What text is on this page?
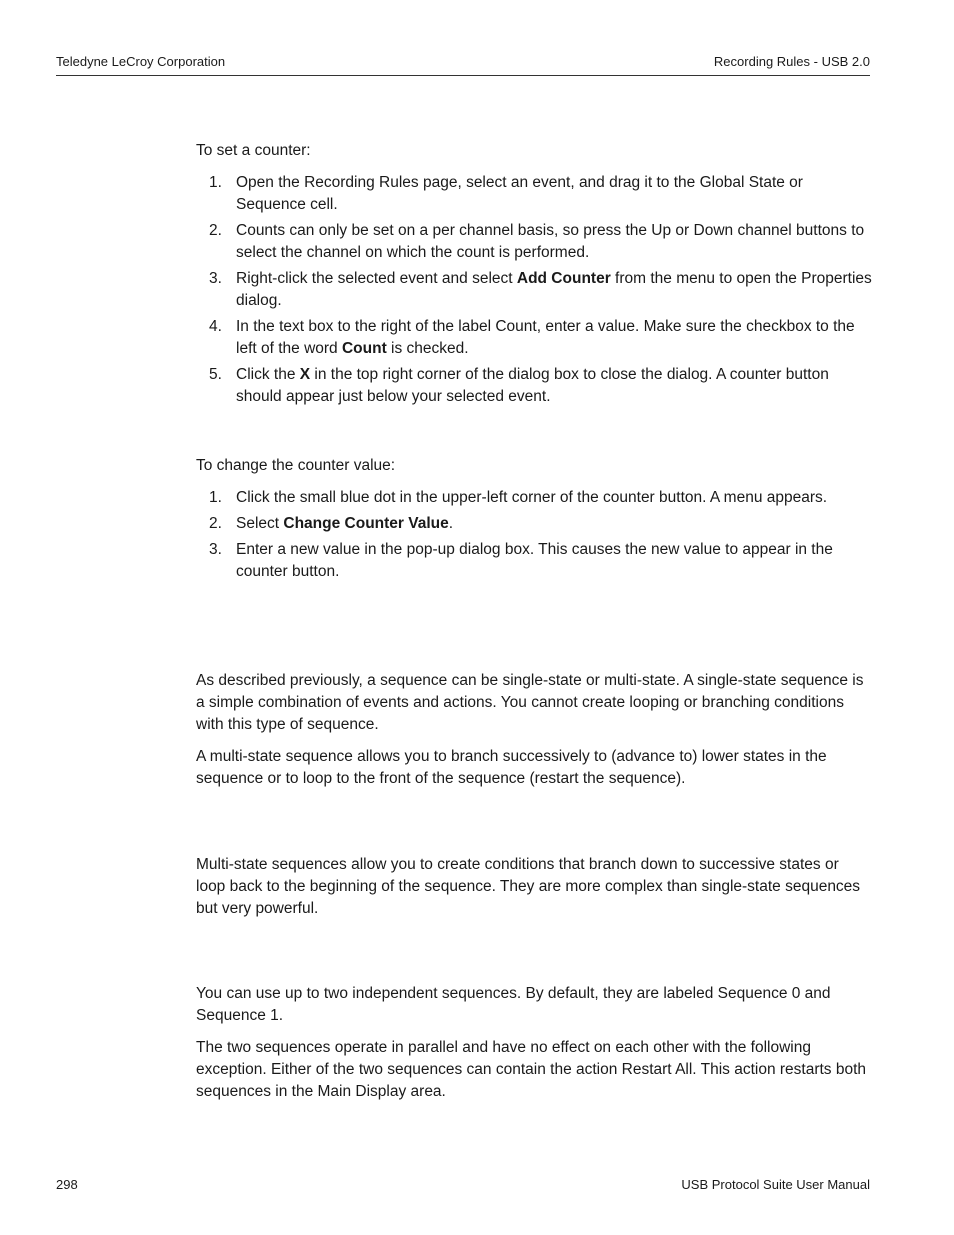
Teledyne LeCroy Corporation	Recording Rules - USB 2.0

To set a counter:

1. Open the Recording Rules page, select an event, and drag it to the Global State or Sequence cell.
2. Counts can only be set on a per channel basis, so press the Up or Down channel buttons to select the channel on which the count is performed.
3. Right-click the selected event and select Add Counter from the menu to open the Properties dialog.
4. In the text box to the right of the label Count, enter a value. Make sure the checkbox to the left of the word Count is checked.
5. Click the X in the top right corner of the dialog box to close the dialog. A counter button should appear just below your selected event.

To change the counter value:

1. Click the small blue dot in the upper-left corner of the counter button. A menu appears.
2. Select Change Counter Value.
3. Enter a new value in the pop-up dialog box. This causes the new value to appear in the counter button.

As described previously, a sequence can be single-state or multi-state. A single-state sequence is a simple combination of events and actions. You cannot create looping or branching conditions with this type of sequence.

A multi-state sequence allows you to branch successively to (advance to) lower states in the sequence or to loop to the front of the sequence (restart the sequence).

Multi-state sequences allow you to create conditions that branch down to successive states or loop back to the beginning of the sequence. They are more complex than single-state sequences but very powerful.

You can use up to two independent sequences. By default, they are labeled Sequence 0 and Sequence 1.

The two sequences operate in parallel and have no effect on each other with the following exception. Either of the two sequences can contain the action Restart All. This action restarts both sequences in the Main Display area.

298	USB Protocol Suite User Manual
